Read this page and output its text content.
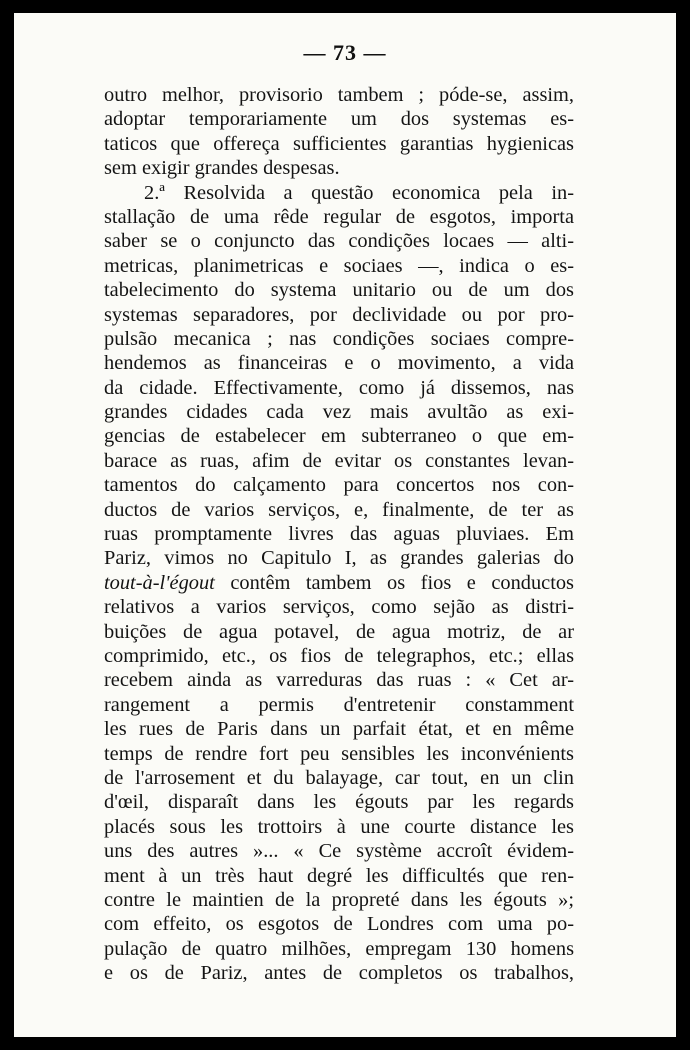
— 73 —
outro melhor, provisorio tambem ; póde-se, assim,
adoptar temporariamente um dos systemas es-
taticos que offereça sufficientes garantias hygienicas
sem exigir grandes despesas.
2.ª Resolvida a questão economica pela in-
stallação de uma rêde regular de esgotos, importa
saber se o conjuncto das condições locaes — alti-
metricas, planimetricas e sociaes —, indica o es-
tabelecimento do systema unitario ou de um dos
systemas separadores, por declividade ou por pro-
pulsão mecanica ; nas condições sociaes compre-
hendemos as financeiras e o movimento, a vida
da cidade. Effectivamente, como já dissemos, nas
grandes cidades cada vez mais avultão as exi-
gencias de estabelecer em subterraneo o que em-
barace as ruas, afim de evitar os constantes levan-
tamentos do calçamento para concertos nos con-
ductos de varios serviços, e, finalmente, de ter as
ruas promptamente livres das aguas pluviaes. Em
Pariz, vimos no Capitulo I, as grandes galerias do
tout-à-l'égout contêm tambem os fios e conductos
relativos a varios serviços, como sejão as distri-
buições de agua potavel, de agua motriz, de ar
comprimido, etc., os fios de telegraphos, etc.; ellas
recebem ainda as varreduras das ruas : « Cet ar-
rangement a permis d'entretenir constamment
les rues de Paris dans un parfait état, et en même
temps de rendre fort peu sensibles les inconvénients
de l'arrosement et du balayage, car tout, en un clin
d'œil, disparaît dans les égouts par les regards
placés sous les trottoirs à une courte distance les
uns des autres »... « Ce système accroît évidem-
ment à un très haut degré les difficultés que ren-
contre le maintien de la propreté dans les égouts »;
com effeito, os esgotos de Londres com uma po-
pulação de quatro milhões, empregam 130 homens
e os de Pariz, antes de completos os trabalhos,
